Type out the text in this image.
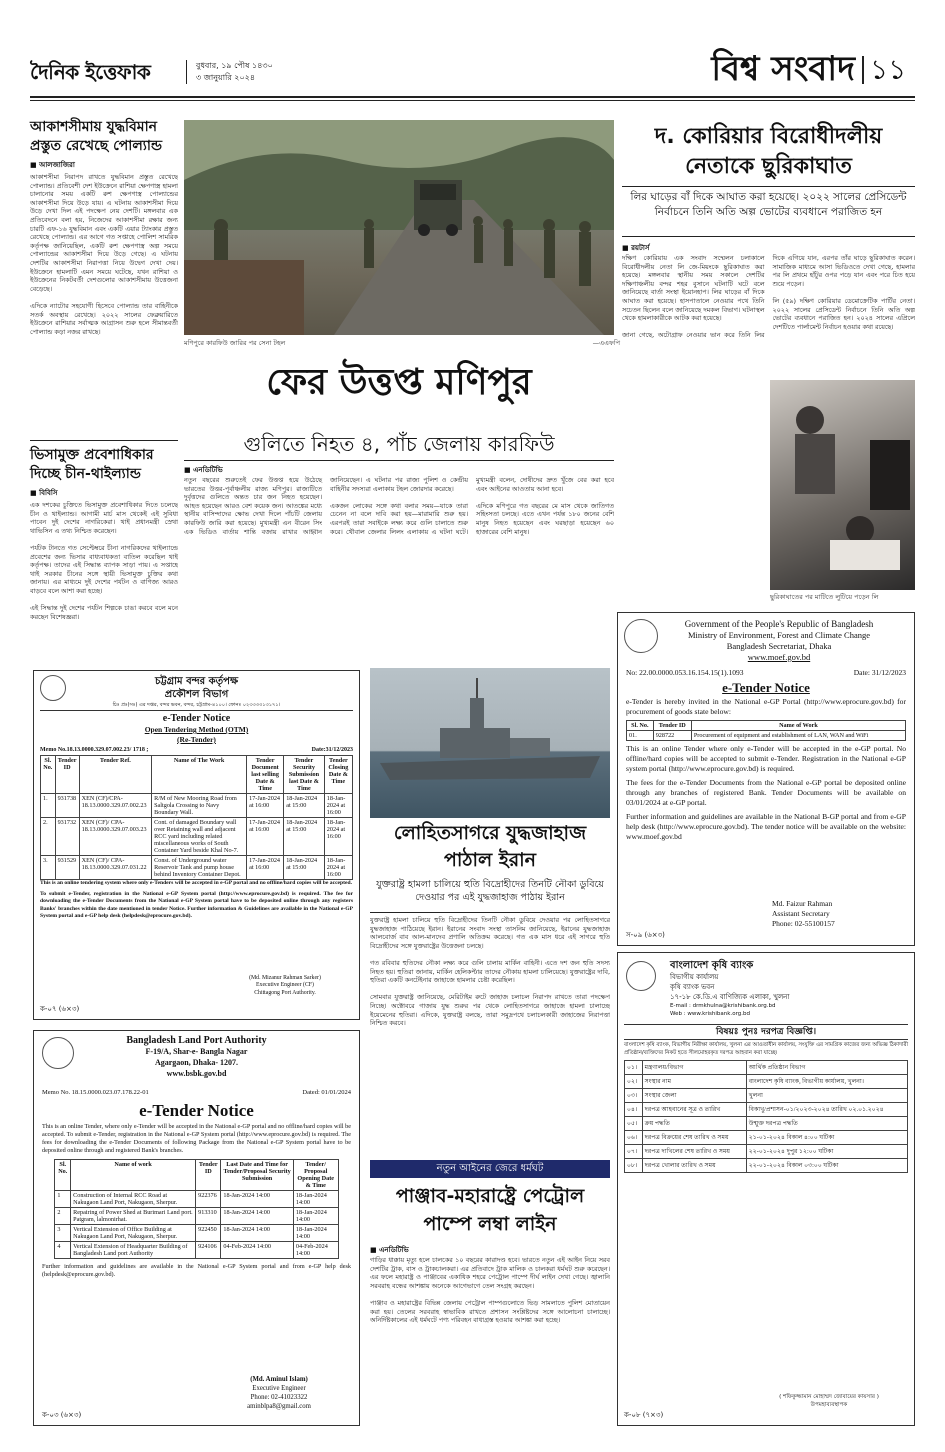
দৈনিক ইত্তেফাক	বুধবার, ১৯ পৌষ ১৪৩০
৩ জানুয়ারি ২০২৪	বিশ্ব সংবাদ ১১
আকাশসীমায় যুদ্ধবিমান প্রস্তুত রেখেছে পোল্যান্ড
■ আলজাজিরা
আকাশসীমা নিরাপদ রাখতে যুদ্ধবিমান প্রস্তুত রেখেছে পোল্যান্ড। প্রতিবেশী দেশ ইউক্রেনে রাশিয়া ক্ষেপণাস্ত্র হামলা চালানোর সময় একটি রুশ ক্ষেপণাস্ত্র পোল্যান্ডের আকাশসীমা দিয়ে উড়ে যায়। এ ঘটনায় আকাশসীমা দিয়ে উড়ে দেখা দিল এই পদক্ষেপ নেয় দেশটি। মঙ্গলবার এক প্রতিবেদনে বলা হয়, নিজেদের আকাশসীমা রক্ষার জন্য চারটি এফ-১৬ যুদ্ধবিমান এবং একটি এয়ার ট্যাংকার প্রস্তুত রেখেছে পোল্যান্ড। এর আগে গত সপ্তাহে পোলিশ সামরিক কর্তৃপক্ষ জানিয়েছিল, একটি রুশ ক্ষেপণাস্ত্র অল্প সময়ে পোল্যান্ডের আকাশসীমা দিয়ে উড়ে গেছে। এ ঘটনায় দেশটির আকাশসীমা নিরাপত্তা নিয়ে উদ্বেগ দেখা দেয়। ইউক্রেনে হামলাটি এমন সময়ে ঘটেছে, যখন রাশিয়া ও ইউক্রেনের নিকটবর্তী দেশগুলোর আকাশসীমায় উত্তেজনা বেড়েছে।

এদিকে ন্যাটোর সহযোগী হিসেবে পোল্যান্ড তার বাহিনীকে সতর্ক অবস্থায় রেখেছে। ২০২২ সালের ফেব্রুয়ারিতে ইউক্রেনে রাশিয়ার সর্বাত্মক আগ্রাসন শুরু হলে সীমান্তবর্তী পোল্যান্ড কড়া নজর রাখছে।
ভিসামুক্ত প্রবেশাধিকার দিচ্ছে চীন-থাইল্যান্ড
■ বিবিসি
এক দশকের চুক্তিতে ভিসামুক্ত প্রবেশাধিকার দিতে চলেছে চীন ও থাইল্যান্ড। আগামী মার্চ মাস থেকেই এই সুবিধা পাবেন দুই দেশের নাগরিকেরা। থাই প্রধানমন্ত্রী স্রেথা থাভিসিন এ তথ্য নিশ্চিত করেছেন।

পর্যটক টানতে গত সেপ্টেম্বরে চীনা নাগরিকদের থাইল্যান্ডে প্রবেশের জন্য ভিসার বাধ্যবাধকতা বাতিল করেছিল থাই কর্তৃপক্ষ। তাদের এই সিদ্ধান্ত ব্যাপক সাড়া পায়। এ সপ্তাহে থাই সরকার চীনের সঙ্গে স্থায়ী ভিসামুক্ত চুক্তির কথা জানায়। এর মাধ্যমে দুই দেশের পর্যটন ও বাণিজ্য আরও বাড়বে বলে আশা করা হচ্ছে।

এই সিদ্ধান্ত দুই দেশের পর্যটন শিল্পকে চাঙা করবে বলে মনে করছেন বিশেষজ্ঞরা।
মণিপুরে কারফিউ জারির পর সেনা টহল	—এএফপি
ফের উত্তপ্ত মণিপুর
গুলিতে নিহত ৪, পাঁচ জেলায় কারফিউ
■ এনডিটিভি
নতুন বছরের শুরুতেই ফের উত্তপ্ত হয়ে উঠেছে ভারতের উত্তর-পূর্বাঞ্চলীয় রাজ্য মণিপুর। রাজ্যটিতে দুর্বৃত্তদের গুলিতে অন্তত চার জন নিহত হয়েছেন। আহত হয়েছেন আরও বেশ কয়েক জন। আতঙ্কের মধ্যে স্থানীয় বাসিন্দাদের ক্ষোভ দেখা দিলে পাঁচটি জেলায় কারফিউ জারি করা হয়েছে। মুখ্যমন্ত্রী এন বীরেন সিং এক ভিডিও বার্তায় শান্তি বজায় রাখার আহ্বান জানিয়েছেন। এ ঘটনার পর রাজ্য পুলিশ ও কেন্দ্রীয় বাহিনীর সদস্যরা এলাকায় টহল জোরদার করেছে।

একজন লোকের সঙ্গে কথা বলার সময়—যাকে তারা চেনেন না বলে দাবি করা হয়—মারামারি শুরু হয়। এরপরই তারা সবাইকে লক্ষ্য করে গুলি চালাতে শুরু করে। থৌবাল জেলার লিলং এলাকায় এ ঘটনা ঘটে। মুখ্যমন্ত্রী বলেন, দোষীদের দ্রুত খুঁজে বের করা হবে এবং আইনের আওতায় আনা হবে।

এদিকে মণিপুরে গত বছরের মে মাস থেকে জাতিগত সহিংসতা চলছে। এতে এখন পর্যন্ত ১৮০ জনের বেশি মানুষ নিহত হয়েছেন এবং ঘরছাড়া হয়েছেন ৬০ হাজারের বেশি মানুষ।
দ. কোরিয়ার বিরোধীদলীয় নেতাকে ছুরিকাঘাত
লির ঘাড়ের বাঁ দিকে আঘাত করা হয়েছে। ২০২২ সালের প্রেসিডেন্ট নির্বাচনে তিনি অতি অল্প ভোটের ব্যবধানে পরাজিত হন
■ রয়টার্স
দক্ষিণ কোরিয়ায় এক সংবাদ সম্মেলন চলাকালে বিরোধীদলীয় নেতা লি জে-মিয়ংকে ছুরিকাঘাত করা হয়েছে। মঙ্গলবার স্থানীয় সময় সকালে দেশটির দক্ষিণাঞ্চলীয় বন্দর শহর বুসানে ঘটনাটি ঘটে বলে জানিয়েছে বার্তা সংস্থা ইয়োনহাপ। লির ঘাড়ের বাঁ দিকে আঘাত করা হয়েছে। হাসপাতালে নেওয়ার পথে তিনি সচেতন ছিলেন বলে জানিয়েছে দমকল বিভাগ। ঘটনাস্থল থেকে হামলাকারীকে আটক করা হয়েছে।

জানা গেছে, অটোগ্রাফ নেওয়ার ভান করে তিনি লির দিকে এগিয়ে যান, এরপর তাঁর ঘাড়ে ছুরিকাঘাত করেন। সামাজিক মাধ্যমে আসা ভিডিওতে দেখা গেছে, হামলার পর লি প্রথমে হাঁটুর ওপর পড়ে যান এবং পরে চিত হয়ে শুয়ে পড়েন।

লি (৫৯) দক্ষিণ কোরিয়ার ডেমোক্রেটিক পার্টির নেতা। ২০২২ সালের প্রেসিডেন্ট নির্বাচনে তিনি অতি অল্প ভোটের ব্যবধানে পরাজিত হন। ২০২৪ সালের এপ্রিলে দেশটিতে পার্লামেন্ট নির্বাচন হওয়ার কথা রয়েছে।
ছুরিকাঘাতের পর মাটিতে লুটিয়ে পড়েন লি
চট্টগ্রাম বন্দর কর্তৃপক্ষ
প্রকৌশল বিভাগ
চিঃ প্রঃ(সঃ) এর দপ্তর, বন্দর ভবন, বন্দর, চট্টগ্রাম-৪১০০। ফোনঃ ০২৩৩৩৩১৩১৭১।
e-Tender Notice
Open Tendering Method (OTM)
(Re-Tender)
Memo No.18.13.0000.329.07.002.23/ 1718 ;	Date:31/12/2023
Sl. No.	Tender ID	Tender Ref.	Name of The Work	Tender Document last selling Date & Time	Tender Security Submission last Date & Time	Tender Closing Date & Time
1.	931738	XEN (CF)/CPA-18.13.0000.329.07.002.23	R/M of New Mooring Road from Saltgola Crossing to Navy Boundary Wall.	17-Jan-2024 at 16:00	18-Jan-2024 at 15:00	18-Jan-2024 at 16:00
2.	931732	XEN (CF)/ CPA-18.13.0000.329.07.003.23	Cont. of damaged Boundary wall over Retaining wall and adjacent RCC yard including related miscellaneous works of South Container Yard beside Khal No-7.	17-Jan-2024 at 16:00	18-Jan-2024 at 15:00	18-Jan-2024 at 16:00
3.	931529	XEN (CF)/ CPA-18.13.0000.329.07.031.22	Const. of Underground water Reservoir Tank and pump house behind Inventory Container Depot.	17-Jan-2024 at 16:00	18-Jan-2024 at 15:00	18-Jan-2024 at 16:00
This is an online tendering system where only e-Tenders will be accepted in e-GP portal and no offline/hard copies will be accepted.
To submit e-Tender, registration in the National e-GP System portal (http://www.eprocure.gov.bd) is required. The fee for downloading the e-Tender Documents from the National e-GP System portal have to be deposited online through any registers Banks' branches within the date mentioned in tender Notice. Further information & Guidelines are available in the National e-GP System portal and e-GP help desk (helpdesk@eprocure.gov.bd).
(Md. Mizanur Rahman Sarker)
Executive Engineer (CF)
Chittagong Port Authority.
ক-০৭ (৬×৩)
লোহিতসাগরে যুদ্ধজাহাজ পাঠাল ইরান
যুক্তরাষ্ট্র হামলা চালিয়ে হুতি বিদ্রোহীদের তিনটি নৌকা ডুবিয়ে দেওয়ার পর এই যুদ্ধজাহাজ পাঠায় ইরান
যুক্তরাষ্ট্র হামলা চালিয়ে হুতি বিদ্রোহীদের তিনটি নৌকা ডুবিয়ে দেওয়ার পর লোহিতসাগরে যুদ্ধজাহাজ পাঠিয়েছে ইরান। ইরানের সংবাদ সংস্থা তাসনিম জানিয়েছে, ইরানের যুদ্ধজাহাজ আলবোর্জ বাব আল-মানদেব প্রণালি অতিক্রম করেছে। গত এক মাস ধরে এই সাগরে হুতি বিদ্রোহীদের সঙ্গে যুক্তরাষ্ট্রের উত্তেজনা চলছে।

গত রবিবার হুতিদের নৌকা লক্ষ্য করে গুলি চালায় মার্কিন বাহিনী। এতে দশ জন হুতি সদস্য নিহত হয়। হুতিরা জানায়, মার্কিন হেলিকপ্টার তাদের নৌকায় হামলা চালিয়েছে। যুক্তরাষ্ট্রের দাবি, হুতিরা একটি কনটেইনার জাহাজে হামলার চেষ্টা করেছিল।

সোমবার যুক্তরাষ্ট্র জানিয়েছে, মেরিটাইম রুটে জাহাজ চলাচল নিরাপদ রাখতে তারা পদক্ষেপ নিচ্ছে। অক্টোবরে গাজায় যুদ্ধ শুরুর পর থেকে লোহিতসাগরে জাহাজে হামলা চালাচ্ছে ইয়েমেনের হুতিরা। এদিকে, যুক্তরাষ্ট্র বলছে, তারা সমুদ্রপথে চলাচলকারী জাহাজের নিরাপত্তা নিশ্চিত করবে।
নতুন আইনের জেরে ধর্মঘট
পাঞ্জাব-মহারাষ্ট্রে পেট্রোল পাম্পে লম্বা লাইন
■ এনডিটিভি
গাড়ির ধাক্কায় মৃত্যু হলে চালকের ১০ বছরের কারাদণ্ড হবে। ভারতে নতুন এই আইন নিয়ে সরব দেশটির ট্রাক, বাস ও ট্রাকচালকরা। এর প্রতিবাদে ট্রাক মালিক ও চালকরা ধর্মঘট শুরু করেছেন। এর ফলে মহারাষ্ট্র ও পাঞ্জাবের একাধিক শহরে পেট্রোল পাম্পে দীর্ঘ লাইন দেখা গেছে। জ্বালানি সরবরাহ বন্ধের আশঙ্কায় অনেকে আগেভাগে তেল সংগ্রহ করছেন।

পাঞ্জাব ও মহারাষ্ট্রের বিভিন্ন জেলায় পেট্রোল পাম্পগুলোতে ভিড় সামলাতে পুলিশ মোতায়েন করা হয়। তেলের সরবরাহ স্বাভাবিক রাখতে প্রশাসন সংশ্লিষ্টদের সঙ্গে আলোচনা চালাচ্ছে। অনির্দিষ্টকালের এই ধর্মঘটে পণ্য পরিবহন বাধাগ্রস্ত হওয়ার আশঙ্কা করা হচ্ছে।
Government of the People's Republic of Bangladesh
Ministry of Environment, Forest and Climate Change
Bangladesh Secretariat, Dhaka
www.moef.gov.bd
No: 22.00.0000.053.16.154.15(1).1093	Date: 31/12/2023
e-Tender Notice
e-Tender is hereby invited in the National e-GP Portal (http://www.eprocure.gov.bd) for procurement of goods state below:
Sl. No.	Tender ID	Name of Work
01.	928722	Procurement of equipment and establishment of LAN, WAN and WiFi
This is an online Tender where only e-Tender will be accepted in the e-GP portal. No offline/hard copies will be accepted to submit e-Tender. Registration in the National e-GP system portal (http://www.eprocure.gov.bd) is required.
The fees for the e-Tender Documents from the National e-GP portal be deposited online through any branches of registered Bank. Tender Documents will be available on 03/01/2024 at e-GP portal.
Further information and guidelines are available in the National B-GP portal and from e-GP help desk (http://www.eprocure.gov.bd). The tender notice will be available on the website: www.moef.gov.bd
Md. Faizur Rahman
Assistant Secretary
Phone: 02-55100157
স-০৯ (৬×৩)
Bangladesh Land Port Authority
F-19/A, Shar-e- Bangla Nagar
Agargaon, Dhaka- 1207.
www.bsbk.gov.bd
Memo No. 18.15.0000.023.07.178.22-01	Dated: 01/01/2024
e-Tender Notice
This is an online Tender, where only e-Tender will be accepted in the National e-GP portal and no offline/hard copies will be accepted. To submit e-Tender, registration in the National e-GP System portal (http://www.eprocure.gov.bd) is required. The fees for downloading the e-Tender Documents of following Package from the National e-GP System portal have to be deposited online through and registered Bank's branches.
Sl. No.	Name of work	Tender ID	Last Date and Time for Tender/Proposal Security Submission	Tender/ Proposal Opening Date & Time
1	Construction of Internal RCC Road at Nakugaon Land Port, Nakugaon, Sherpur.	922376	18-Jan-2024 14:00	18-Jan-2024 14:00
2	Repairing of Power Shed at Burimari Land port. Patgram, lalmonirhat.	913310	18-Jan-2024 14:00	18-Jan-2024 14:00
3	Vertical Extension of Office Building at Nakugaon Land Port, Nakugaon, Sherpur.	922450	18-Jan-2024 14:00	18-Jan-2024 14:00
4	Vertical Extension of Headquarter Building of Bangladesh Land port Authority	924106	04-Feb-2024 14:00	04-Feb-2024 14:00
Further information and guidelines are available in the National e-GP System portal and from e-GP help desk (helpdesk@eprocure.gov.bd).
(Md. Aminul Islam)
Executive Engineer
Phone: 02-41023322
aminblpa8@gmail.com
ক-০৩ (৬×৩)
বাংলাদেশ কৃষি ব্যাংক
বিভাগীয় কার্যালয়
কৃষি ব্যাংক ভবন
১৭-১৮ কে.ডি.এ বাণিজ্যিক এলাকা, খুলনা
E-mail : drmkhulna@krishibank.org.bd
Web : www.krishibank.org.bd
বিষয়ঃ পুনঃ দরপত্র বিজ্ঞপ্তি।
বাংলাদেশ কৃষি ব্যাংক, বিভাগীয় নিরীক্ষা কার্যালয়, খুলনা এর আওতাধীন কার্যালয়, সংযুক্তি এর সামগ্রিক কাজের জন্য অভিজ্ঞ ঠিকাদারী প্রতিষ্ঠান/ব্যক্তিদের নিকট হতে সীলমোহরকৃত দরপত্র আহবান করা যাচ্ছে।
০১।	মন্ত্রণালয়/বিভাগ	আর্থিক প্রতিষ্ঠান বিভাগ
০২।	সংস্থার নাম	বাংলাদেশ কৃষি ব্যাংক, বিভাগীয় কার্যালয়, খুলনা।
০৩।	সংস্থার জেলা	খুলনা
০৪।	দরপত্র আহবানের সূত্র ও তারিখ	বিকাখু/প্রশাসন-০১/২০২৩-২০২৪ তারিখ ০২.০১.২০২৪
০৫।	ক্রয় পদ্ধতি	উন্মুক্ত দরপত্র পদ্ধতি
০৬।	দরপত্র বিক্রয়ের শেষ তারিখ ও সময়	২১-০১-২০২৪ বিকাল ৪:০০ ঘটিকা
০৭।	দরপত্র দাখিলের শেষ তারিখ ও সময়	২২-০১-২০২৪ দুপুর ১২:০০ ঘটিকা
০৮।	দরপত্র খোলার তারিখ ও সময়	২২-০১-২০২৪ বিকাল ০৩:০০ ঘটিকা
( শফিকুজ্জামান মোহাম্মদ জোবায়ের কায়সার )
উপমহাব্যবস্থাপক
ক-০৮ (৭×৩)
